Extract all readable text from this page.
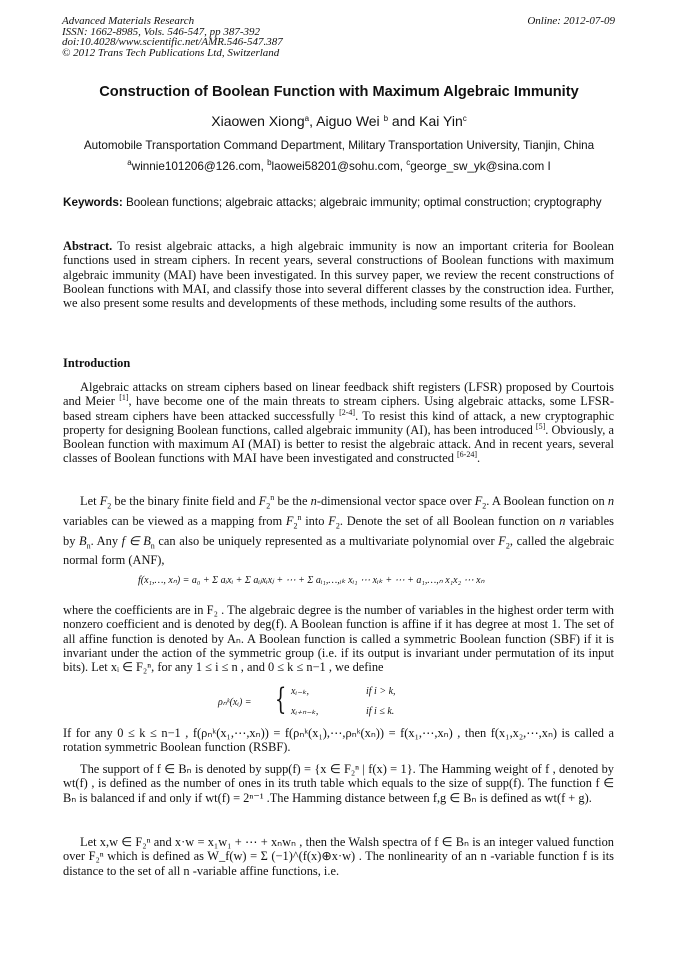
Advanced Materials Research
ISSN: 1662-8985, Vols. 546-547, pp 387-392
doi:10.4028/www.scientific.net/AMR.546-547.387
© 2012 Trans Tech Publications Ltd, Switzerland
Online: 2012-07-09
Construction of Boolean Function with Maximum Algebraic Immunity
Xiaowen Xiong$^a$, Aiguo Wei $^b$ and Kai Yin$^c$
Automobile Transportation Command Department, Military Transportation University, Tianjin, China
$^a$winnie101206@126.com, $^b$laowei58201@sohu.com, $^c$george_sw_yk@sina.com I
Keywords: Boolean functions; algebraic attacks; algebraic immunity; optimal construction; cryptography
Abstract. To resist algebraic attacks, a high algebraic immunity is now an important criteria for Boolean functions used in stream ciphers. In recent years, several constructions of Boolean functions with maximum algebraic immunity (MAI) have been investigated. In this survey paper, we review the recent constructions of Boolean functions with MAI, and classify those into several different classes by the construction idea. Further, we also present some results and developments of these methods, including some results of the authors.
Introduction
Algebraic attacks on stream ciphers based on linear feedback shift registers (LFSR) proposed by Courtois and Meier [1], have become one of the main threats to stream ciphers. Using algebraic attacks, some LFSR-based stream ciphers have been attacked successfully [2-4]. To resist this kind of attack, a new cryptographic property for designing Boolean functions, called algebraic immunity (AI), has been introduced [5]. Obviously, a Boolean function with maximum AI (MAI) is better to resist the algebraic attack. And in recent years, several classes of Boolean functions with MAI have been investigated and constructed [6-24].
Let $F_2$ be the binary finite field and $F_2^n$ be the n-dimensional vector space over $F_2$. A Boolean function on n variables can be viewed as a mapping from $F_2^n$ into $F_2$. Denote the set of all Boolean function on n variables by $B_n$. Any f ∈ $B_n$ can also be uniquely represented as a multivariate polynomial over $F_2$, called the algebraic normal form (ANF),
f(x₁,…, xₙ) = a₀ + Σ aᵢxᵢ + Σ aᵢⱼxᵢxⱼ + ⋯ + Σ aᵢ₁,…,ᵢₖ xᵢ₁ ⋯ xᵢₖ + ⋯ + a₁,…,ₙ x₁x₂ ⋯ xₙ
where the coefficients are in F₂ . The algebraic degree is the number of variables in the highest order term with nonzero coefficient and is denoted by deg(f). A Boolean function is affine if it has degree at most 1. The set of all affine function is denoted by Aₙ. A Boolean function is called a symmetric Boolean function (SBF) if it is invariant under the action of the symmetric group (i.e. if its output is invariant under permutation of its input bits). Let xᵢ ∈ F₂ⁿ, for any 1 ≤ i ≤ n , and 0 ≤ k ≤ n−1 , we define
ρₙᵏ(xᵢ) = { xᵢ₋ₖ,	if i > k,
xᵢ₊ₙ₋ₖ,	if i ≤ k.
If for any 0 ≤ k ≤ n−1 , f(ρₙᵏ(x₁,⋯,xₙ)) = f(ρₙᵏ(x₁),⋯,ρₙᵏ(xₙ)) = f(x₁,⋯,xₙ) , then f(x₁,x₂,⋯,xₙ) is called a rotation symmetric Boolean function (RSBF).
The support of f ∈ Bₙ is denoted by supp(f) = {x ∈ F₂ⁿ | f(x) = 1}. The Hamming weight of f , denoted by wt(f) , is defined as the number of ones in its truth table which equals to the size of supp(f). The function f ∈ Bₙ is balanced if and only if wt(f) = 2ⁿ⁻¹ .The Hamming distance between f,g ∈ Bₙ is defined as wt(f + g).
Let x,w ∈ F₂ⁿ and x·w = x₁w₁ + ⋯ + xₙwₙ , then the Walsh spectra of f ∈ Bₙ is an integer valued function over F₂ⁿ which is defined as W_f(w) = Σ (−1)^(f(x)⊕x·w) . The nonlinearity of an n -variable function f is its distance to the set of all n -variable affine functions, i.e.
